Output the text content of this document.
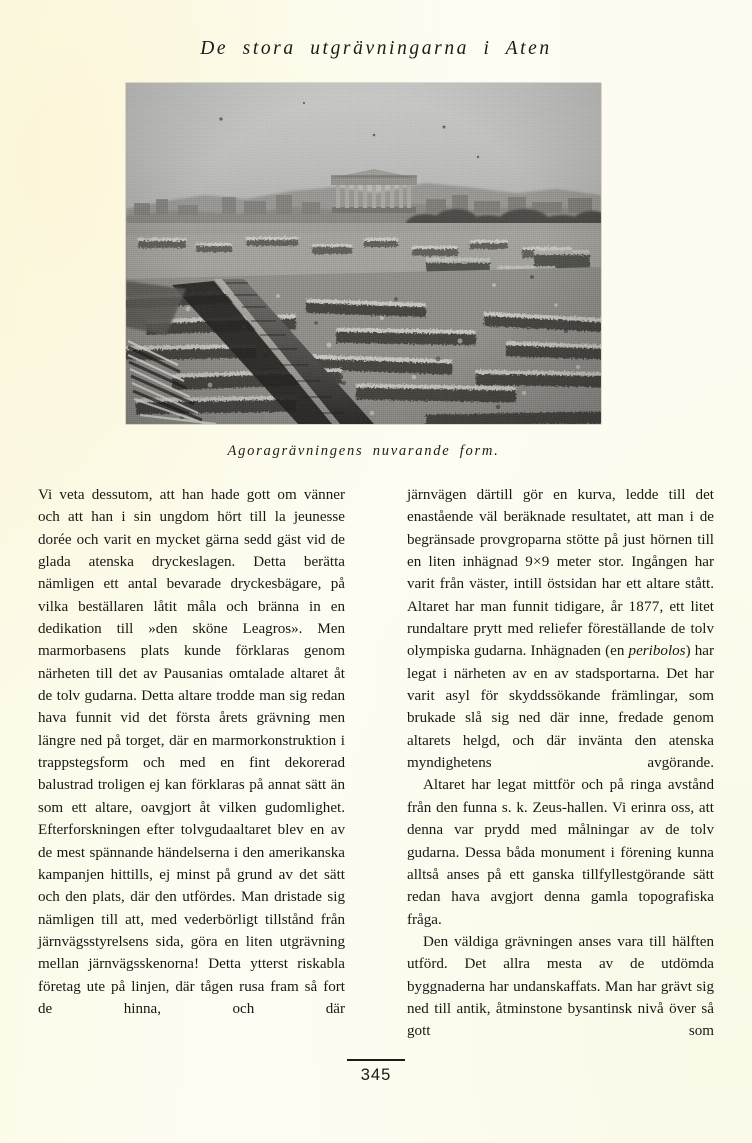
De stora utgrävningarna i Aten
Agoragrävningens nuvarande form.

Vi veta dessutom, att han hade gott om vänner och att han i sin ungdom hört till la jeunesse dorée och varit en mycket gärna sedd gäst vid de glada atenska dryckeslagen. Detta berätta nämligen ett antal bevarade dryckesbägare, på vilka beställaren låtit måla och bränna in en dedikation till »den sköne Leagros». Men marmorbasens plats kunde förklaras genom närheten till det av Pausanias omtalade altaret åt de tolv gudarna. Detta altare trodde man sig redan hava funnit vid det första årets grävning men längre ned på torget, där en marmorkonstruktion i trappstegsform och med en fint dekorerad balustrad troligen ej kan förklaras på annat sätt än som ett altare, oavgjort åt vilken gudomlighet. Efterforskningen efter tolvgudaaltaret blev en av de mest spännande händelserna i den amerikanska kampanjen hittills, ej minst på grund av det sätt och den plats, där den utfördes. Man dristade sig nämligen till att, med vederbörligt tillstånd från järnvägsstyrelsens sida, göra en liten utgrävning mellan järnvägsskenorna! Detta ytterst riskabla företag ute på linjen, där tågen rusa fram så fort de hinna, och där

järnvägen därtill gör en kurva, ledde till det enastående väl beräknade resultatet, att man i de begränsade provgroparna stötte på just hörnen till en liten inhägnad 9×9 meter stor. Ingången har varit från väster, intill östsidan har ett altare stått. Altaret har man funnit tidigare, år 1877, ett litet rundaltare prytt med reliefer föreställande de tolv olympiska gudarna. Inhägnaden (en peribolos) har legat i närheten av en av stadsportarna. Det har varit asyl för skyddssökande främlingar, som brukade slå sig ned där inne, fredade genom altarets helgd, och där invänta den atenska myndighetens avgörande.

Altaret har legat mittför och på ringa avstånd från den funna s. k. Zeus-hallen. Vi erinra oss, att denna var prydd med målningar av de tolv gudarna. Dessa båda monument i förening kunna alltså anses på ett ganska tillfyllestgörande sätt redan hava avgjort denna gamla topografiska fråga.

Den väldiga grävningen anses vara till hälften utförd. Det allra mesta av de utdömda byggnaderna har undanskaffats. Man har grävt sig ned till antik, åtminstone bysantinsk nivå över så gott som

345
